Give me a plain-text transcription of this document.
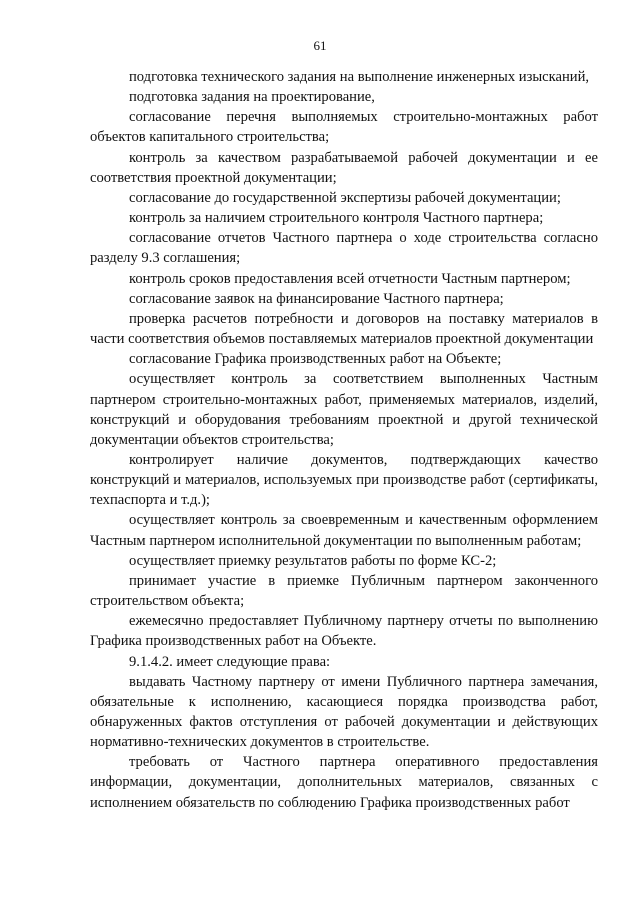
61

подготовка технического задания на выполнение инженерных изысканий,

подготовка задания на проектирование,

согласование перечня выполняемых строительно-монтажных работ объектов капитального строительства;

контроль за качеством разрабатываемой рабочей документации и ее соответствия проектной документации;

согласование до государственной экспертизы рабочей документации;

контроль за наличием строительного контроля Частного партнера;

согласование отчетов Частного партнера о ходе строительства согласно разделу 9.3 соглашения;

контроль сроков предоставления всей отчетности Частным партнером;

согласование заявок на финансирование Частного партнера;

проверка расчетов потребности и договоров на поставку материалов в части соответствия объемов поставляемых материалов проектной документации

согласование Графика производственных работ на Объекте;

осуществляет контроль за соответствием выполненных Частным партнером строительно-монтажных работ, применяемых материалов, изделий, конструкций и оборудования требованиям проектной и другой технической документации объектов строительства;

контролирует наличие документов, подтверждающих качество конструкций и материалов, используемых при производстве работ (сертификаты, техпаспорта и т.д.);

осуществляет контроль за своевременным и качественным оформлением Частным партнером исполнительной документации по выполненным работам;

осуществляет приемку результатов работы по форме КС-2;

принимает участие в приемке Публичным партнером законченного строительством объекта;

ежемесячно предоставляет Публичному партнеру отчеты по выполнению Графика производственных работ на Объекте.

9.1.4.2. имеет следующие права:

выдавать Частному партнеру от имени Публичного партнера замечания, обязательные к исполнению, касающиеся порядка производства работ, обнаруженных фактов отступления от рабочей документации и действующих нормативно-технических документов в строительстве.

требовать от Частного партнера оперативного предоставления информации, документации, дополнительных материалов, связанных с исполнением обязательств по соблюдению Графика производственных работ
